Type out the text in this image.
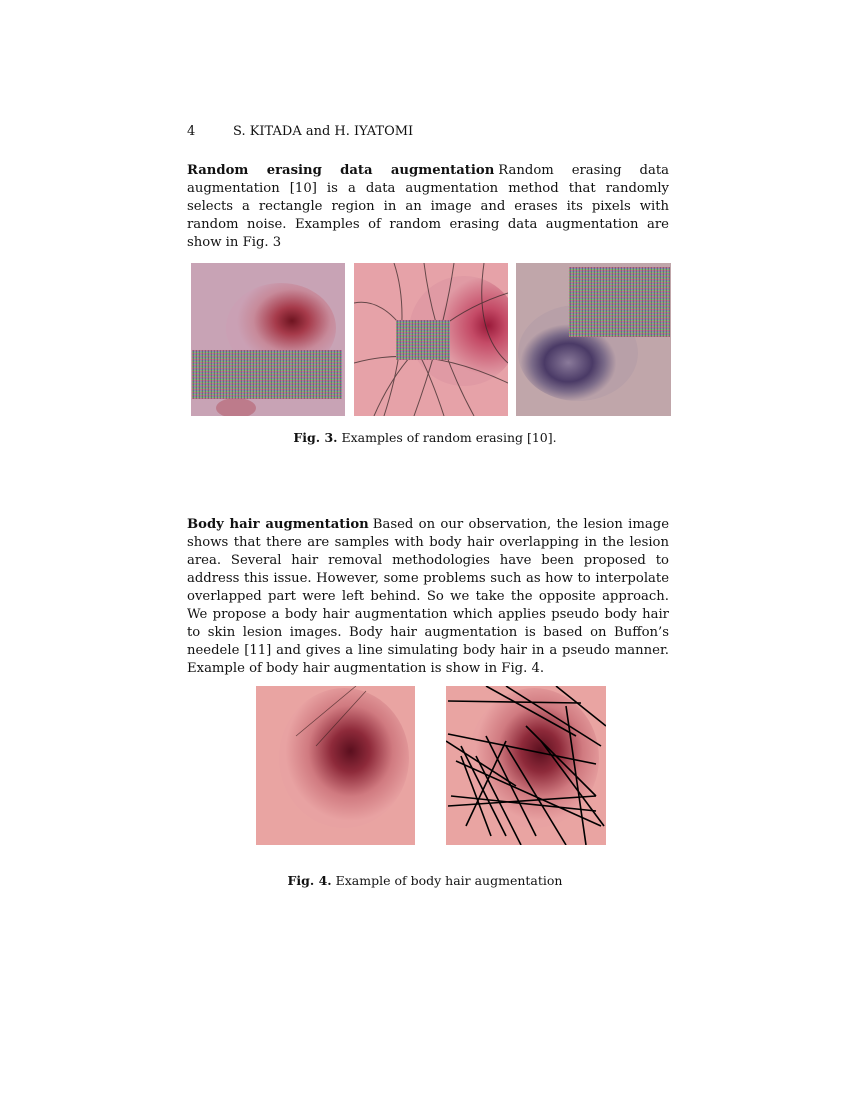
4	S. KITADA and H. IYATOMI
Random erasing data augmentation Random erasing data augmentation [10] is a data augmentation method that randomly selects a rectangle region in an image and erases its pixels with random noise. Examples of random erasing data augmentation are show in Fig. 3
Fig. 3. Examples of random erasing [10].
Body hair augmentation Based on our observation, the lesion image shows that there are samples with body hair overlapping in the lesion area. Several hair removal methodologies have been proposed to address this issue. However, some problems such as how to interpolate overlapped part were left behind. So we take the opposite approach. We propose a body hair augmentation which applies pseudo body hair to skin lesion images. Body hair augmentation is based on Buffon’s needele [11] and gives a line simulating body hair in a pseudo manner. Example of body hair augmentation is show in Fig. 4.
Fig. 4. Example of body hair augmentation
